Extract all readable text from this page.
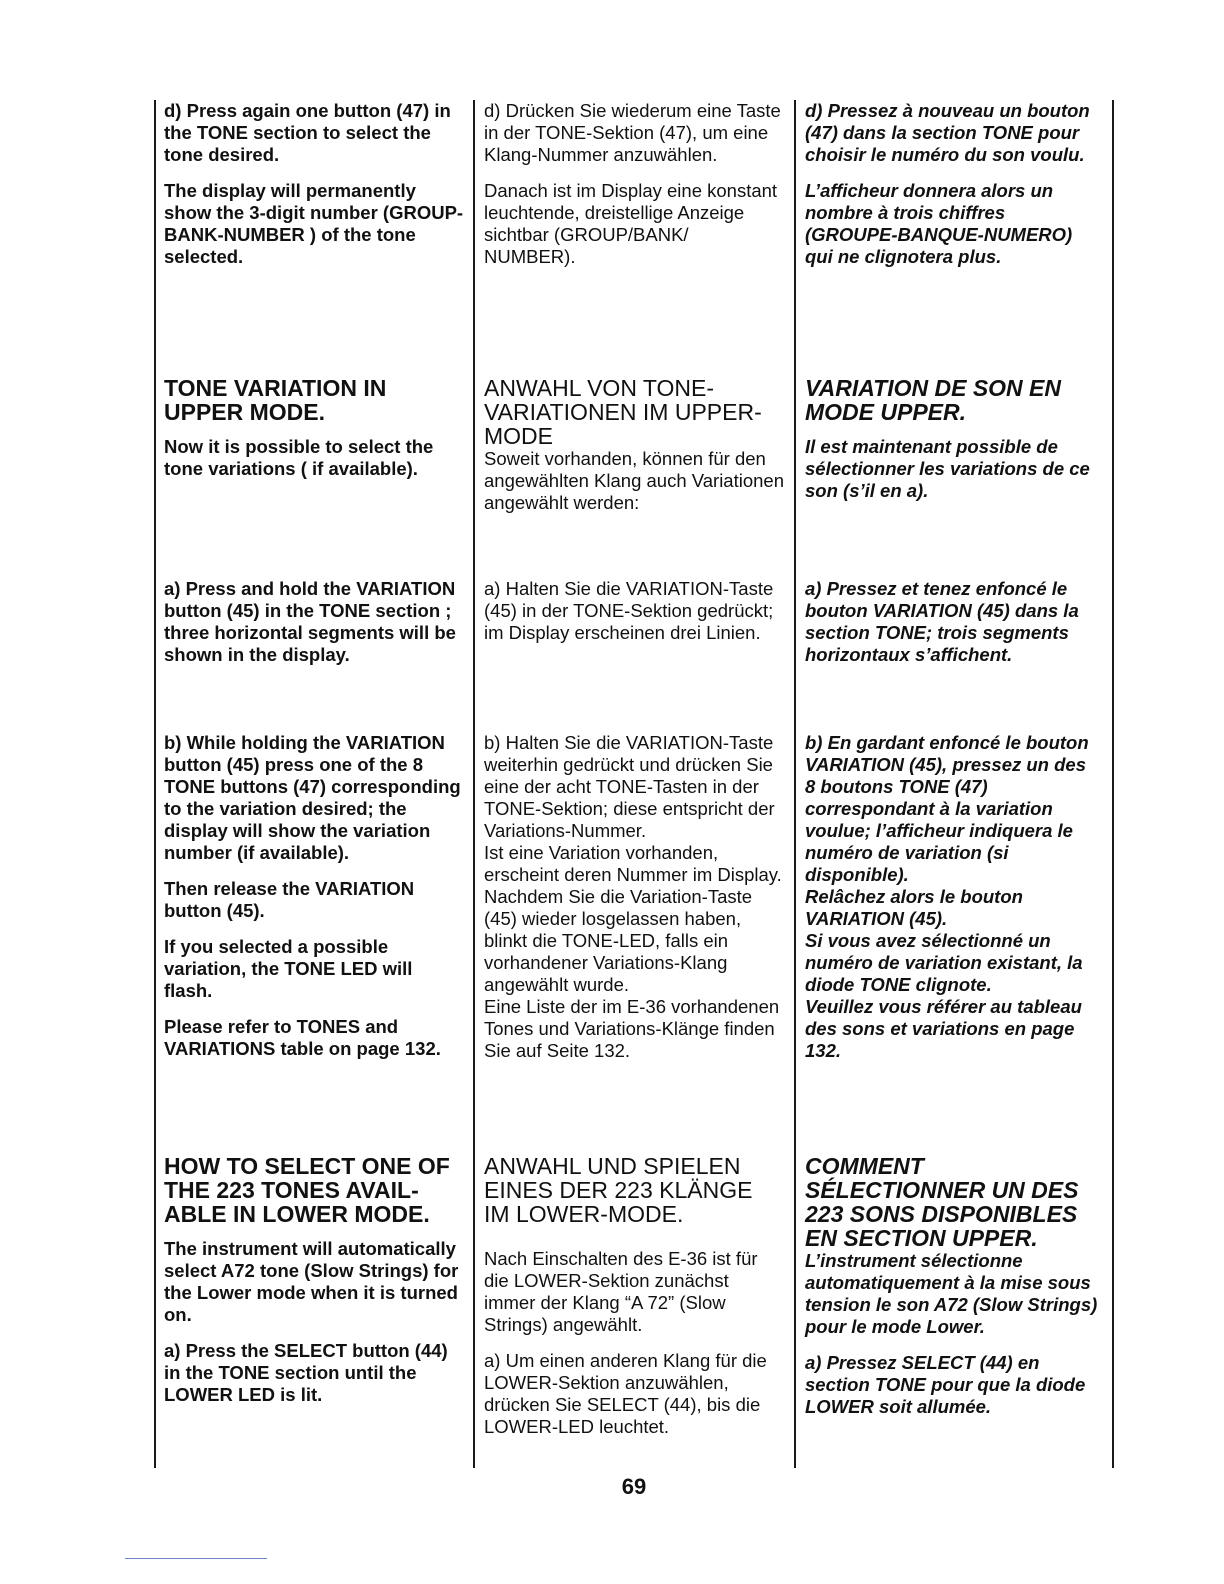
d) Press again one button (47) in the TONE section to select the tone desired.

The display will permanently show the 3-digit number (GROUP-BANK-NUMBER ) of the tone selected.

TONE VARIATION IN UPPER MODE.

Now it is possible to select the tone variations ( if available).

a) Press and hold the VARIATION button (45) in the TONE section ; three horizontal segments will be shown in the display.

b) While holding the VARIATION button (45) press one of the 8 TONE buttons (47) corresponding to the variation desired; the display will show the variation number (if available).

Then release the VARIATION button (45).

If you selected a possible variation, the TONE LED will flash.

Please refer to TONES and VARIATIONS table on page 132.

HOW TO SELECT ONE OF THE 223 TONES AVAIL-ABLE IN LOWER MODE.

The instrument will automatically select A72 tone (Slow Strings) for the Lower mode when it is turned on.

a) Press the SELECT button (44) in the TONE section until the LOWER LED is lit.

d) Drücken Sie wiederum eine Taste in der TONE-Sektion (47), um eine Klang-Nummer anzuwählen.

Danach ist im Display eine konstant leuchtende, dreistellige Anzeige sichtbar (GROUP/BANK/ NUMBER).

ANWAHL VON TONE-VARIATIONEN IM UPPER-MODE

Soweit vorhanden, können für den angewählten Klang auch Variationen angewählt werden:

a) Halten Sie die VARIATION-Taste (45) in der TONE-Sektion gedrückt; im Display erscheinen drei Linien.

b) Halten Sie die VARIATION-Taste weiterhin gedrückt und drücken Sie eine der acht TONE-Tasten in der TONE-Sektion; diese entspricht der Variations-Nummer.

Ist eine Variation vorhanden, erscheint deren Nummer im Display.

Nachdem Sie die Variation-Taste (45) wieder losgelassen haben, blinkt die TONE-LED, falls ein vorhandener Variations-Klang angewählt wurde.

Eine Liste der im E-36 vorhandenen Tones und Variations-Klänge finden Sie auf Seite 132.

ANWAHL UND SPIELEN EINES DER 223 KLÄNGE IM LOWER-MODE.

Nach Einschalten des E-36 ist für die LOWER-Sektion zunächst immer der Klang “A 72” (Slow Strings) angewählt.

a) Um einen anderen Klang für die LOWER-Sektion anzuwählen, drücken Sie SELECT (44), bis die LOWER-LED leuchtet.

d) Pressez à nouveau un bouton (47) dans la section TONE pour choisir le numéro du son voulu.

L’afficheur donnera alors un nombre à trois chiffres (GROUPE-BANQUE-NUMERO) qui ne clignotera plus.

VARIATION DE SON EN MODE UPPER.

Il est maintenant possible de sélectionner les variations de ce son (s’il en a).

a) Pressez et tenez enfoncé le bouton VARIATION (45) dans la section TONE; trois segments horizontaux s’affichent.

b) En gardant enfoncé le bouton VARIATION (45), pressez un des 8 boutons TONE (47) correspondant à la variation voulue; l’afficheur indiquera le numéro de variation (si disponible).

Relâchez alors le bouton VARIATION (45).

Si vous avez sélectionné un numéro de variation existant, la diode TONE clignote.

Veuillez vous référer au tableau des sons et variations en page 132.

COMMENT SÉLECTIONNER UN DES 223 SONS DISPONIBLES EN SECTION UPPER.

L’instrument sélectionne automatiquement à la mise sous tension le son A72 (Slow Strings) pour le mode Lower.

a) Pressez SELECT (44) en section TONE pour que la diode LOWER soit allumée.

69
